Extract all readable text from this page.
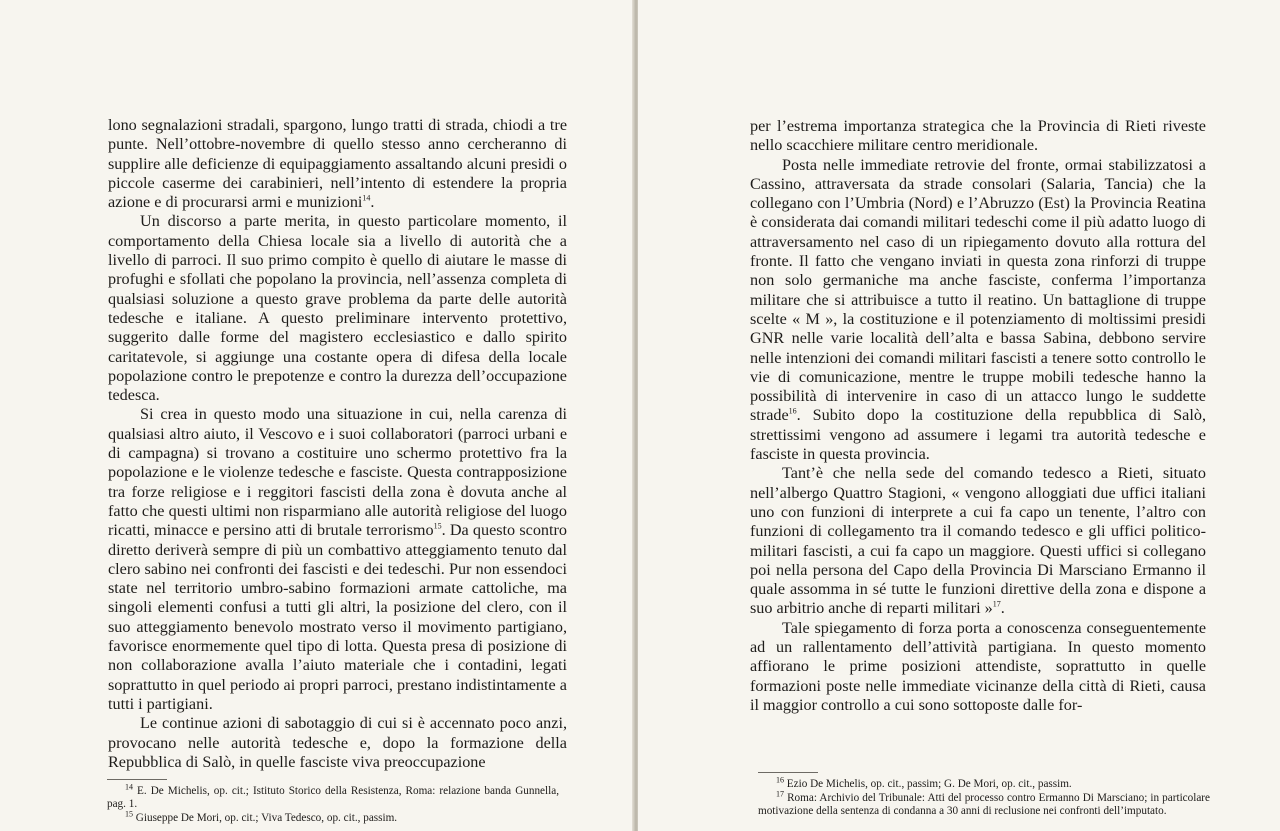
lono segnalazioni stradali, spargono, lungo tratti di strada, chiodi a tre punte. Nell’ottobre-novembre di quello stesso anno cercheranno di supplire alle deficienze di equipaggiamento assaltando alcuni presidi o piccole caserme dei carabinieri, nell’intento di estendere la propria azione e di procurarsi armi e munizioni$^{14}$.

Un discorso a parte merita, in questo particolare momento, il comportamento della Chiesa locale sia a livello di autorità che a livello di parroci. Il suo primo compito è quello di aiutare le masse di profughi e sfollati che popolano la provincia, nell’assenza completa di qualsiasi soluzione a questo grave problema da parte delle autorità tedesche e italiane. A questo preliminare intervento protettivo, suggerito dalle forme del magistero ecclesiastico e dallo spirito caritatevole, si aggiunge una costante opera di difesa della locale popolazione contro le prepotenze e contro la durezza dell’occupazione tedesca.

Si crea in questo modo una situazione in cui, nella carenza di qualsiasi altro aiuto, il Vescovo e i suoi collaboratori (parroci urbani e di campagna) si trovano a costituire uno schermo protettivo fra la popolazione e le violenze tedesche e fasciste. Questa contrapposizione tra forze religiose e i reggitori fascisti della zona è dovuta anche al fatto che questi ultimi non risparmiano alle autorità religiose del luogo ricatti, minacce e persino atti di brutale terrorismo$^{15}$. Da questo scontro diretto deriverà sempre di più un combattivo atteggiamento tenuto dal clero sabino nei confronti dei fascisti e dei tedeschi. Pur non essendoci state nel territorio umbro-sabino formazioni armate cattoliche, ma singoli elementi confusi a tutti gli altri, la posizione del clero, con il suo atteggiamento benevolo mostrato verso il movimento partigiano, favorisce enormemente quel tipo di lotta. Questa presa di posizione di non collaborazione avalla l’aiuto materiale che i contadini, legati soprattutto in quel periodo ai propri parroci, prestano indistintamente a tutti i partigiani.

Le continue azioni di sabotaggio di cui si è accennato poco anzi, provocano nelle autorità tedesche e, dopo la formazione della Repubblica di Salò, in quelle fasciste viva preoccupazione

$^{14}$ E. De Michelis, op. cit.; Istituto Storico della Resistenza, Roma: relazione banda Gunnella, pag. 1.

$^{15}$ Giuseppe De Mori, op. cit.; Viva Tedesco, op. cit., passim.

per l’estrema importanza strategica che la Provincia di Rieti riveste nello scacchiere militare centro meridionale.

Posta nelle immediate retrovie del fronte, ormai stabilizzatosi a Cassino, attraversata da strade consolari (Salaria, Tancia) che la collegano con l’Umbria (Nord) e l’Abruzzo (Est) la Provincia Reatina è considerata dai comandi militari tedeschi come il più adatto luogo di attraversamento nel caso di un ripiegamento dovuto alla rottura del fronte. Il fatto che vengano inviati in questa zona rinforzi di truppe non solo germaniche ma anche fasciste, conferma l’importanza militare che si attribuisce a tutto il reatino. Un battaglione di truppe scelte « M », la costituzione e il potenziamento di moltissimi presidi GNR nelle varie località dell’alta e bassa Sabina, debbono servire nelle intenzioni dei comandi militari fascisti a tenere sotto controllo le vie di comunicazione, mentre le truppe mobili tedesche hanno la possibilità di intervenire in caso di un attacco lungo le suddette strade$^{16}$. Subito dopo la costituzione della repubblica di Salò, strettissimi vengono ad assumere i legami tra autorità tedesche e fasciste in questa provincia.

Tant’è che nella sede del comando tedesco a Rieti, situato nell’albergo Quattro Stagioni, « vengono alloggiati due uffici italiani uno con funzioni di interprete a cui fa capo un tenente, l’altro con funzioni di collegamento tra il comando tedesco e gli uffici politico-militari fascisti, a cui fa capo un maggiore. Questi uffici si collegano poi nella persona del Capo della Provincia Di Marsciano Ermanno il quale assomma in sé tutte le funzioni direttive della zona e dispone a suo arbitrio anche di reparti militari »$^{17}$.

Tale spiegamento di forza porta a conoscenza conseguentemente ad un rallentamento dell’attività partigiana. In questo momento affiorano le prime posizioni attendiste, soprattutto in quelle formazioni poste nelle immediate vicinanze della città di Rieti, causa il maggior controllo a cui sono sottoposte dalle for-

$^{16}$ Ezio De Michelis, op. cit., passim; G. De Mori, op. cit., passim.

$^{17}$ Roma: Archivio del Tribunale: Atti del processo contro Ermanno Di Marsciano; in particolare motivazione della sentenza di condanna a 30 anni di reclusione nei confronti dell’imputato.
